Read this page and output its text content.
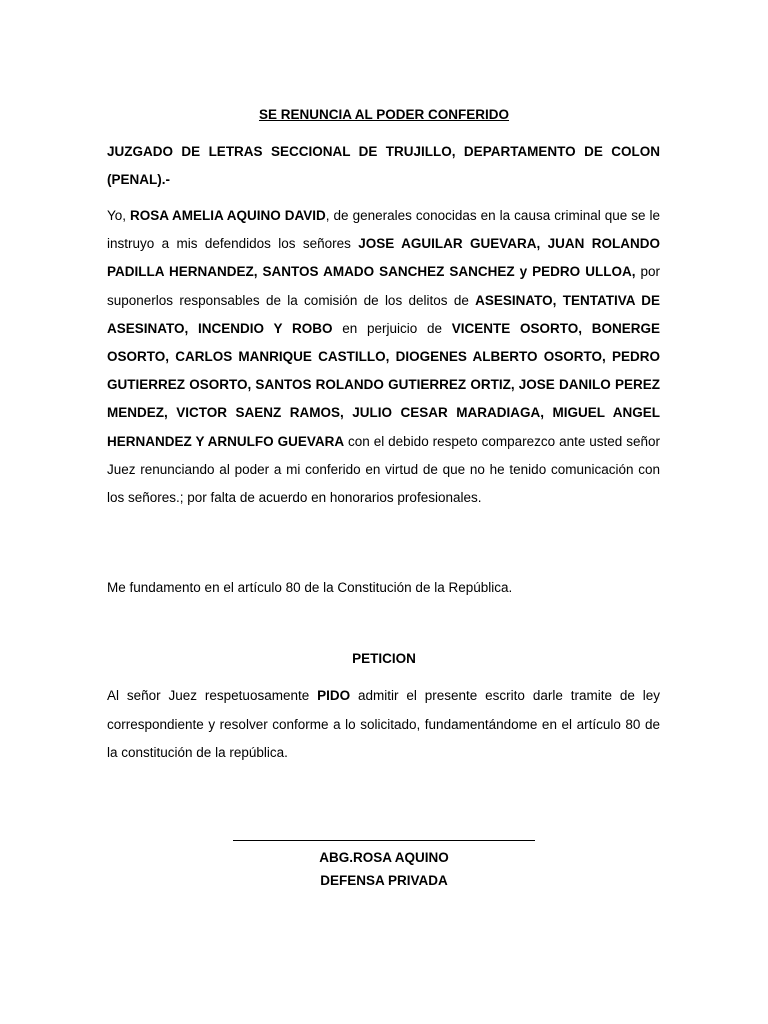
SE RENUNCIA AL PODER CONFERIDO
JUZGADO DE LETRAS SECCIONAL DE TRUJILLO, DEPARTAMENTO DE COLON (PENAL).-
Yo, ROSA AMELIA AQUINO DAVID, de generales conocidas en la causa criminal que se le instruyo a mis defendidos los señores JOSE AGUILAR GUEVARA, JUAN ROLANDO PADILLA HERNANDEZ, SANTOS AMADO SANCHEZ SANCHEZ y PEDRO ULLOA, por suponerlos responsables de la comisión de los delitos de ASESINATO, TENTATIVA DE ASESINATO, INCENDIO Y ROBO en perjuicio de VICENTE OSORTO, BONERGE OSORTO, CARLOS MANRIQUE CASTILLO, DIOGENES ALBERTO OSORTO, PEDRO GUTIERREZ OSORTO, SANTOS ROLANDO GUTIERREZ ORTIZ, JOSE DANILO PEREZ MENDEZ, VICTOR SAENZ RAMOS, JULIO CESAR MARADIAGA, MIGUEL ANGEL HERNANDEZ Y ARNULFO GUEVARA con el debido respeto comparezco ante usted señor Juez renunciando al poder a mi conferido en virtud de que no he tenido comunicación con los señores.; por falta de acuerdo en honorarios profesionales.
Me fundamento en el artículo 80 de la Constitución de la República.
PETICION
Al señor Juez respetuosamente PIDO admitir el presente escrito darle tramite de ley correspondiente y resolver conforme a lo solicitado, fundamentándome en el artículo 80 de la constitución de la república.
ABG.ROSA AQUINO
DEFENSA PRIVADA
